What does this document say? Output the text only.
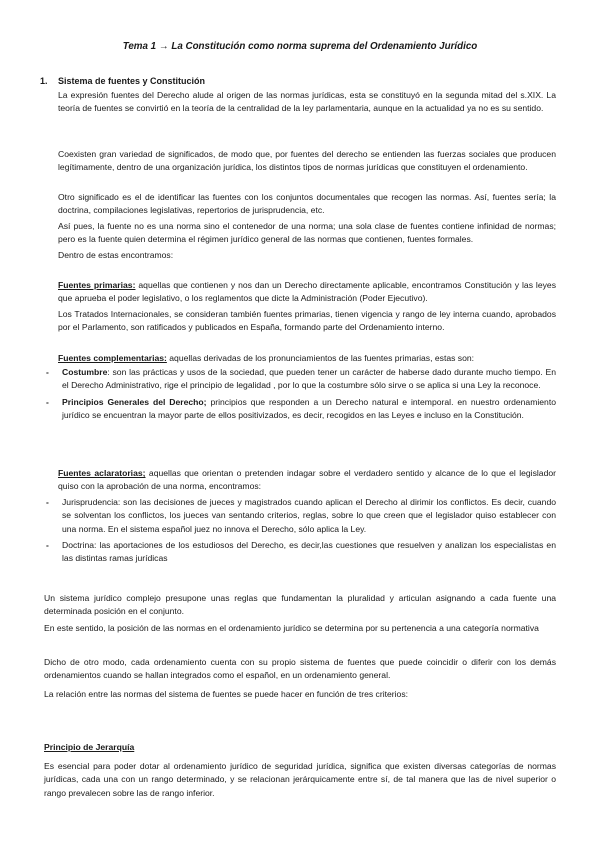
Tema 1 → La Constitución como norma suprema del Ordenamiento Jurídico
1. Sistema de fuentes y Constitución

La expresión fuentes del Derecho alude al origen de las normas jurídicas, esta se constituyó en la segunda mitad del s.XIX. La teoría de fuentes se convirtió en la teoría de la centralidad de la ley parlamentaria, aunque en la actualidad ya no es su sentido.

Coexisten gran variedad de significados, de modo que, por fuentes del derecho se entienden las fuerzas sociales que producen legítimamente, dentro de una organización jurídica, los distintos tipos de normas jurídicas que constituyen el ordenamiento.

Otro significado es el de identificar las fuentes con los conjuntos documentales que recogen las normas. Así, fuentes sería; la doctrina, compilaciones legislativas, repertorios de jurisprudencia, etc.

Así pues, la fuente no es una norma sino el contenedor de una norma; una sola clase de fuentes contiene infinidad de normas; pero es la fuente quien determina el régimen jurídico general de las normas que contienen, fuentes formales.

Dentro de estas encontramos:

Fuentes primarias: aquellas que contienen y nos dan un Derecho directamente aplicable, encontramos Constitución y las leyes que aprueba el poder legislativo, o los reglamentos que dicte la Administración (Poder Ejecutivo).

Los Tratados Internacionales, se consideran también fuentes primarias, tienen vigencia y rango de ley interna cuando, aprobados por el Parlamento, son ratificados y publicados en España, formando parte del Ordenamiento interno.

Fuentes complementarias: aquellas derivadas de los pronunciamientos de las fuentes primarias, estas son:

- Costumbre: son las prácticas y usos de la sociedad, que pueden tener un carácter de haberse dado durante mucho tiempo. En el Derecho Administrativo, rige el principio de legalidad , por lo que la costumbre sólo sirve o se aplica si una Ley la reconoce.
- Principios Generales del Derecho; principios que responden a un Derecho natural e intemporal. en nuestro ordenamiento jurídico se encuentran la mayor parte de ellos positivizados, es decir, recogidos en las Leyes e incluso en la Constitución.

Fuentes aclaratorias; aquellas que orientan o pretenden indagar sobre el verdadero sentido y alcance de lo que el legislador quiso con la aprobación de una norma, encontramos:

- Jurisprudencia: son las decisiones de jueces y magistrados cuando aplican el Derecho al dirimir los conflictos. Es decir, cuando se solventan los conflictos, los jueces van sentando criterios, reglas, sobre lo que creen que el legislador quiso establecer con una norma. En el sistema español juez no innova el Derecho, sólo aplica la Ley.
- Doctrina: las aportaciones de los estudiosos del Derecho, es decir,las cuestiones que resuelven y analizan los especialistas en las distintas ramas jurídicas

Un sistema jurídico complejo presupone unas reglas que fundamentan la pluralidad y articulan asignando a cada fuente una determinada posición en el conjunto.

En este sentido, la posición de las normas en el ordenamiento jurídico se determina por su pertenencia a una categoría normativa

Dicho de otro modo, cada ordenamiento cuenta con su propio sistema de fuentes que puede coincidir o diferir con los demás ordenamientos cuando se hallan integrados como el español, en un ordenamiento general.

La relación entre las normas del sistema de fuentes se puede hacer en función de tres criterios:

Principio de Jerarquía

Es esencial para poder dotar al ordenamiento jurídico de seguridad jurídica, significa que existen diversas categorías de normas jurídicas, cada una con un rango determinado, y se relacionan jerárquicamente entre sí, de tal manera que las de nivel superior o rango prevalecen sobre las de rango inferior.
